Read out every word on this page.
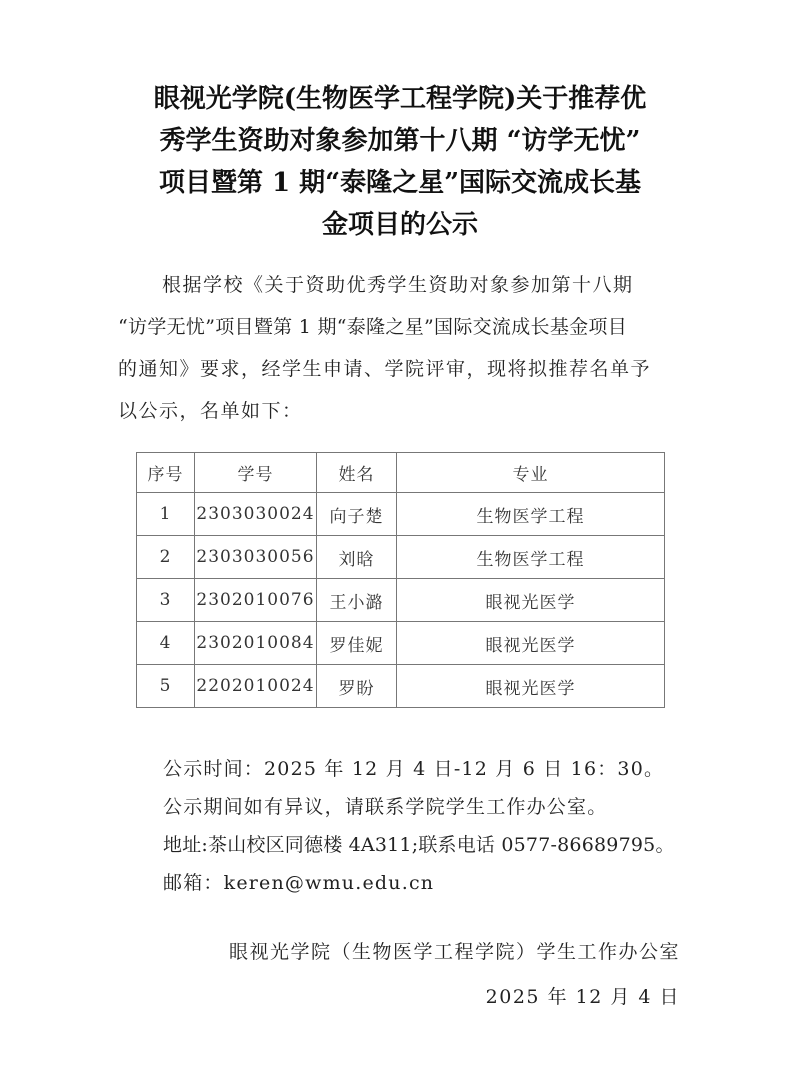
眼视光学院(生物医学工程学院)关于推荐优
秀学生资助对象参加第十八期 “访学无忧”
项目暨第 1 期“泰隆之星”国际交流成长基
金项目的公示
根据学校《关于资助优秀学生资助对象参加第十八期
“访学无忧”项目暨第 1 期“泰隆之星”国际交流成长基金项目
的通知》要求，经学生申请、学院评审，现将拟推荐名单予
以公示，名单如下：
序号	学号	姓名	专业
1	2303030024	向子楚	生物医学工程
2	2303030056	刘晗	生物医学工程
3	2302010076	王小潞	眼视光医学
4	2302010084	罗佳妮	眼视光医学
5	2202010024	罗盼	眼视光医学
公示时间：2025 年 12 月 4 日-12 月 6 日 16：30。
公示期间如有异议，请联系学院学生工作办公室。
地址:茶山校区同德楼 4A311;联系电话 0577-86689795。
邮箱：keren@wmu.edu.cn
眼视光学院（生物医学工程学院）学生工作办公室
2025 年 12 月 4 日
